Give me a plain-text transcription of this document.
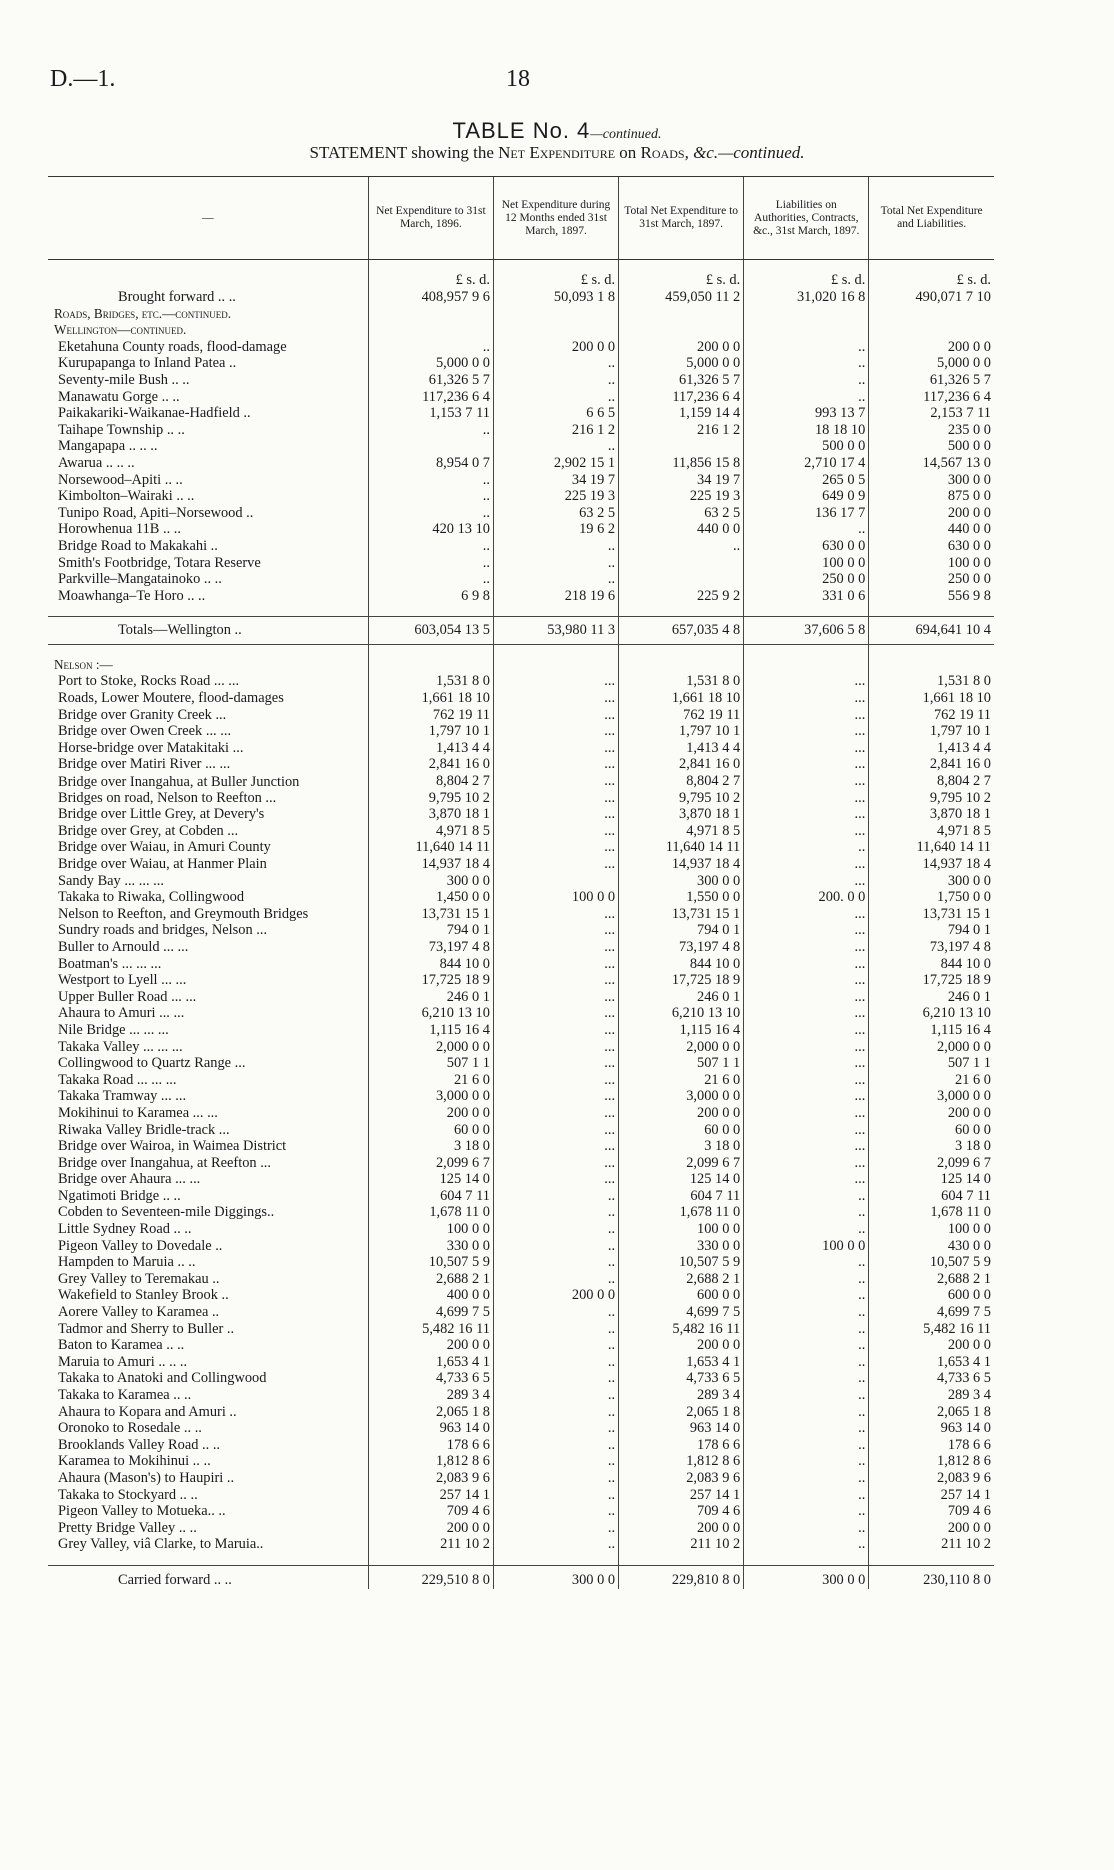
D.—1.	18
TABLE No. 4—continued.
STATEMENT showing the Net Expenditure on Roads, &c.—continued.
—	Net Expenditure to 31st March, 1896.	Net Expenditure during 12 Months ended 31st March, 1897.	Total Net Expenditure to 31st March, 1897.	Liabilities on Authorities, Contracts, &c., 31st March, 1897.	Total Net Expenditure and Liabilities.
	£ s. d.	£ s. d.	£ s. d.	£ s. d.	£ s. d.
Brought forward .. ..	408,957 9 6	50,093 1 8	459,050 11 2	31,020 16 8	490,071 7 10
Roads, Bridges, etc.—continued.					
Wellington—continued.					
Eketahuna County roads, flood-damage	..	200 0 0	200 0 0	..	200 0 0
Kurupapanga to Inland Patea ..	5,000 0 0	..	5,000 0 0	..	5,000 0 0
Seventy-mile Bush .. ..	61,326 5 7	..	61,326 5 7	..	61,326 5 7
Manawatu Gorge .. ..	117,236 6 4	..	117,236 6 4	..	117,236 6 4
Paikakariki-Waikanae-Hadfield ..	1,153 7 11	6 6 5	1,159 14 4	993 13 7	2,153 7 11
Taihape Township .. ..	..	216 1 2	216 1 2	18 18 10	235 0 0
Mangapapa .. .. ..		..		500 0 0	500 0 0
Awarua .. .. ..	8,954 0 7	2,902 15 1	11,856 15 8	2,710 17 4	14,567 13 0
Norsewood–Apiti .. ..	..	34 19 7	34 19 7	265 0 5	300 0 0
Kimbolton–Wairaki .. ..	..	225 19 3	225 19 3	649 0 9	875 0 0
Tunipo Road, Apiti–Norsewood ..	..	63 2 5	63 2 5	136 17 7	200 0 0
Horowhenua 11B .. ..	420 13 10	19 6 2	440 0 0	..	440 0 0
Bridge Road to Makakahi ..	..	..	..	630 0 0	630 0 0
Smith's Footbridge, Totara Reserve	..	..		100 0 0	100 0 0
Parkville–Mangatainoko .. ..	..	..		250 0 0	250 0 0
Moawhanga–Te Horo .. ..	6 9 8	218 19 6	225 9 2	331 0 6	556 9 8

Totals—Wellington ..	603,054 13 5	53,980 11 3	657,035 4 8	37,606 5 8	694,641 10 4

Nelson :—					
Port to Stoke, Rocks Road ... ...	1,531 8 0	...	1,531 8 0	...	1,531 8 0
Roads, Lower Moutere, flood-damages	1,661 18 10	...	1,661 18 10	...	1,661 18 10
Bridge over Granity Creek ...	762 19 11	...	762 19 11	...	762 19 11
Bridge over Owen Creek ... ...	1,797 10 1	...	1,797 10 1	...	1,797 10 1
Horse-bridge over Matakitaki ...	1,413 4 4	...	1,413 4 4	...	1,413 4 4
Bridge over Matiri River ... ...	2,841 16 0	...	2,841 16 0	...	2,841 16 0
Bridge over Inangahua, at Buller Junction	8,804 2 7	...	8,804 2 7	...	8,804 2 7
Bridges on road, Nelson to Reefton ...	9,795 10 2	...	9,795 10 2	...	9,795 10 2
Bridge over Little Grey, at Devery's	3,870 18 1	...	3,870 18 1	...	3,870 18 1
Bridge over Grey, at Cobden ...	4,971 8 5	...	4,971 8 5	...	4,971 8 5
Bridge over Waiau, in Amuri County	11,640 14 11	...	11,640 14 11	..	11,640 14 11
Bridge over Waiau, at Hanmer Plain	14,937 18 4	...	14,937 18 4	...	14,937 18 4
Sandy Bay ... ... ...	300 0 0		300 0 0	...	300 0 0
Takaka to Riwaka, Collingwood	1,450 0 0	100 0 0	1,550 0 0	200. 0 0	1,750 0 0
Nelson to Reefton, and Greymouth Bridges	13,731 15 1	...	13,731 15 1	...	13,731 15 1
Sundry roads and bridges, Nelson ...	794 0 1	...	794 0 1	...	794 0 1
Buller to Arnould ... ...	73,197 4 8	...	73,197 4 8	...	73,197 4 8
Boatman's ... ... ...	844 10 0	...	844 10 0	...	844 10 0
Westport to Lyell ... ...	17,725 18 9	...	17,725 18 9	...	17,725 18 9
Upper Buller Road ... ...	246 0 1	...	246 0 1	...	246 0 1
Ahaura to Amuri ... ...	6,210 13 10	...	6,210 13 10	...	6,210 13 10
Nile Bridge ... ... ...	1,115 16 4	...	1,115 16 4	...	1,115 16 4
Takaka Valley ... ... ...	2,000 0 0	...	2,000 0 0	...	2,000 0 0
Collingwood to Quartz Range ...	507 1 1	...	507 1 1	...	507 1 1
Takaka Road ... ... ...	21 6 0	...	21 6 0	...	21 6 0
Takaka Tramway ... ...	3,000 0 0	...	3,000 0 0	...	3,000 0 0
Mokihinui to Karamea ... ...	200 0 0	...	200 0 0	...	200 0 0
Riwaka Valley Bridle-track ...	60 0 0	...	60 0 0	...	60 0 0
Bridge over Wairoa, in Waimea District	3 18 0	...	3 18 0	...	3 18 0
Bridge over Inangahua, at Reefton ...	2,099 6 7	...	2,099 6 7	...	2,099 6 7
Bridge over Ahaura ... ...	125 14 0	...	125 14 0	...	125 14 0
Ngatimoti Bridge .. ..	604 7 11	..	604 7 11	..	604 7 11
Cobden to Seventeen-mile Diggings..	1,678 11 0	..	1,678 11 0	..	1,678 11 0
Little Sydney Road .. ..	100 0 0	..	100 0 0	..	100 0 0
Pigeon Valley to Dovedale ..	330 0 0	..	330 0 0	100 0 0	430 0 0
Hampden to Maruia .. ..	10,507 5 9	..	10,507 5 9	..	10,507 5 9
Grey Valley to Teremakau ..	2,688 2 1	..	2,688 2 1	..	2,688 2 1
Wakefield to Stanley Brook ..	400 0 0	200 0 0	600 0 0	..	600 0 0
Aorere Valley to Karamea ..	4,699 7 5	..	4,699 7 5	..	4,699 7 5
Tadmor and Sherry to Buller ..	5,482 16 11	..	5,482 16 11	..	5,482 16 11
Baton to Karamea .. ..	200 0 0	..	200 0 0	..	200 0 0
Maruia to Amuri .. .. ..	1,653 4 1	..	1,653 4 1	..	1,653 4 1
Takaka to Anatoki and Collingwood	4,733 6 5	..	4,733 6 5	..	4,733 6 5
Takaka to Karamea .. ..	289 3 4	..	289 3 4	..	289 3 4
Ahaura to Kopara and Amuri ..	2,065 1 8	..	2,065 1 8	..	2,065 1 8
Oronoko to Rosedale .. ..	963 14 0	..	963 14 0	..	963 14 0
Brooklands Valley Road .. ..	178 6 6	..	178 6 6	..	178 6 6
Karamea to Mokihinui .. ..	1,812 8 6	..	1,812 8 6	..	1,812 8 6
Ahaura (Mason's) to Haupiri ..	2,083 9 6	..	2,083 9 6	..	2,083 9 6
Takaka to Stockyard .. ..	257 14 1	..	257 14 1	..	257 14 1
Pigeon Valley to Motueka.. ..	709 4 6	..	709 4 6	..	709 4 6
Pretty Bridge Valley .. ..	200 0 0	..	200 0 0	..	200 0 0
Grey Valley, viâ Clarke, to Maruia..	211 10 2	..	211 10 2	..	211 10 2

Carried forward .. ..	229,510 8 0	300 0 0	229,810 8 0	300 0 0	230,110 8 0
